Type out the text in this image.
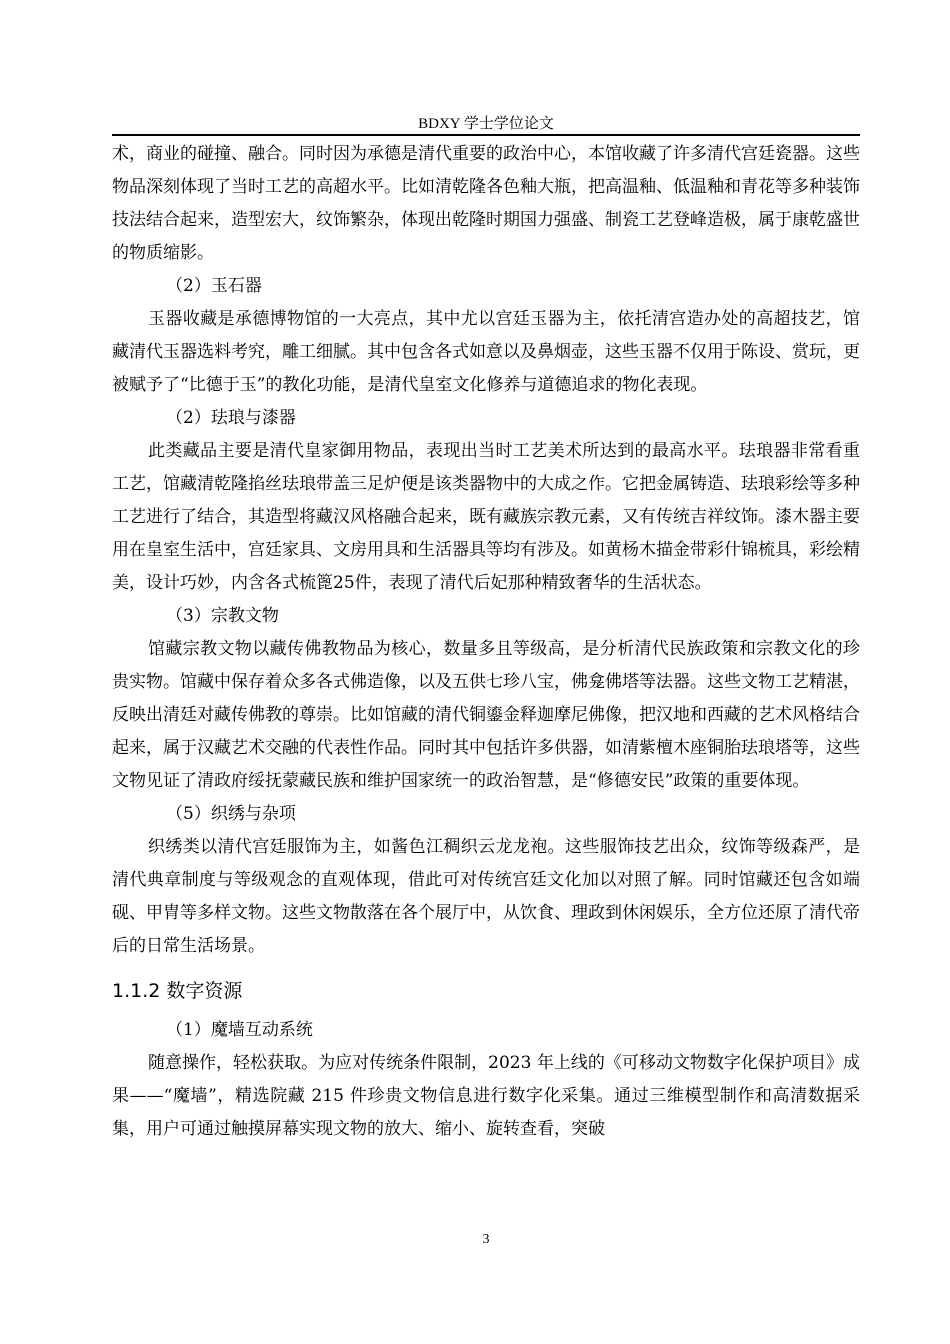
BDXY 学士学位论文

术，商业的碰撞、融合。同时因为承德是清代重要的政治中心，本馆收藏了许多清代宫廷瓷器。这些物品深刻体现了当时工艺的高超水平。比如清乾隆各色釉大瓶，把高温釉、低温釉和青花等多种装饰技法结合起来，造型宏大，纹饰繁杂，体现出乾隆时期国力强盛、制瓷工艺登峰造极，属于康乾盛世的物质缩影。

（2）玉石器

玉器收藏是承德博物馆的一大亮点，其中尤以宫廷玉器为主，依托清宫造办处的高超技艺，馆藏清代玉器选料考究，雕工细腻。其中包含各式如意以及鼻烟壶，这些玉器不仅用于陈设、赏玩，更被赋予了“比德于玉”的教化功能，是清代皇室文化修养与道德追求的物化表现。

（2）珐琅与漆器

此类藏品主要是清代皇家御用物品，表现出当时工艺美术所达到的最高水平。珐琅器非常看重工艺，馆藏清乾隆掐丝珐琅带盖三足炉便是该类器物中的大成之作。它把金属铸造、珐琅彩绘等多种工艺进行了结合，其造型将藏汉风格融合起来，既有藏族宗教元素，又有传统吉祥纹饰。漆木器主要用在皇室生活中，宫廷家具、文房用具和生活器具等均有涉及。如黄杨木描金带彩什锦梳具，彩绘精美，设计巧妙，内含各式梳篦25件，表现了清代后妃那种精致奢华的生活状态。

（3）宗教文物

馆藏宗教文物以藏传佛教物品为核心，数量多且等级高，是分析清代民族政策和宗教文化的珍贵实物。馆藏中保存着众多各式佛造像，以及五供七珍八宝，佛龛佛塔等法器。这些文物工艺精湛，反映出清廷对藏传佛教的尊崇。比如馆藏的清代铜鎏金释迦摩尼佛像，把汉地和西藏的艺术风格结合起来，属于汉藏艺术交融的代表性作品。同时其中包括许多供器，如清紫檀木座铜胎珐琅塔等，这些文物见证了清政府绥抚蒙藏民族和维护国家统一的政治智慧，是“修德安民”政策的重要体现。

（5）织绣与杂项

织绣类以清代宫廷服饰为主，如酱色江稠织云龙龙袍。这些服饰技艺出众，纹饰等级森严，是清代典章制度与等级观念的直观体现，借此可对传统宫廷文化加以对照了解。同时馆藏还包含如端砚、甲胄等多样文物。这些文物散落在各个展厅中，从饮食、理政到休闲娱乐，全方位还原了清代帝后的日常生活场景。

1.1.2 数字资源

（1）魔墙互动系统

随意操作，轻松获取。为应对传统条件限制，2023 年上线的《可移动文物数字化保护项目》成果——“魔墙”，精选院藏 215 件珍贵文物信息进行数字化采集。通过三维模型制作和高清数据采集，用户可通过触摸屏幕实现文物的放大、缩小、旋转查看，突破

3
